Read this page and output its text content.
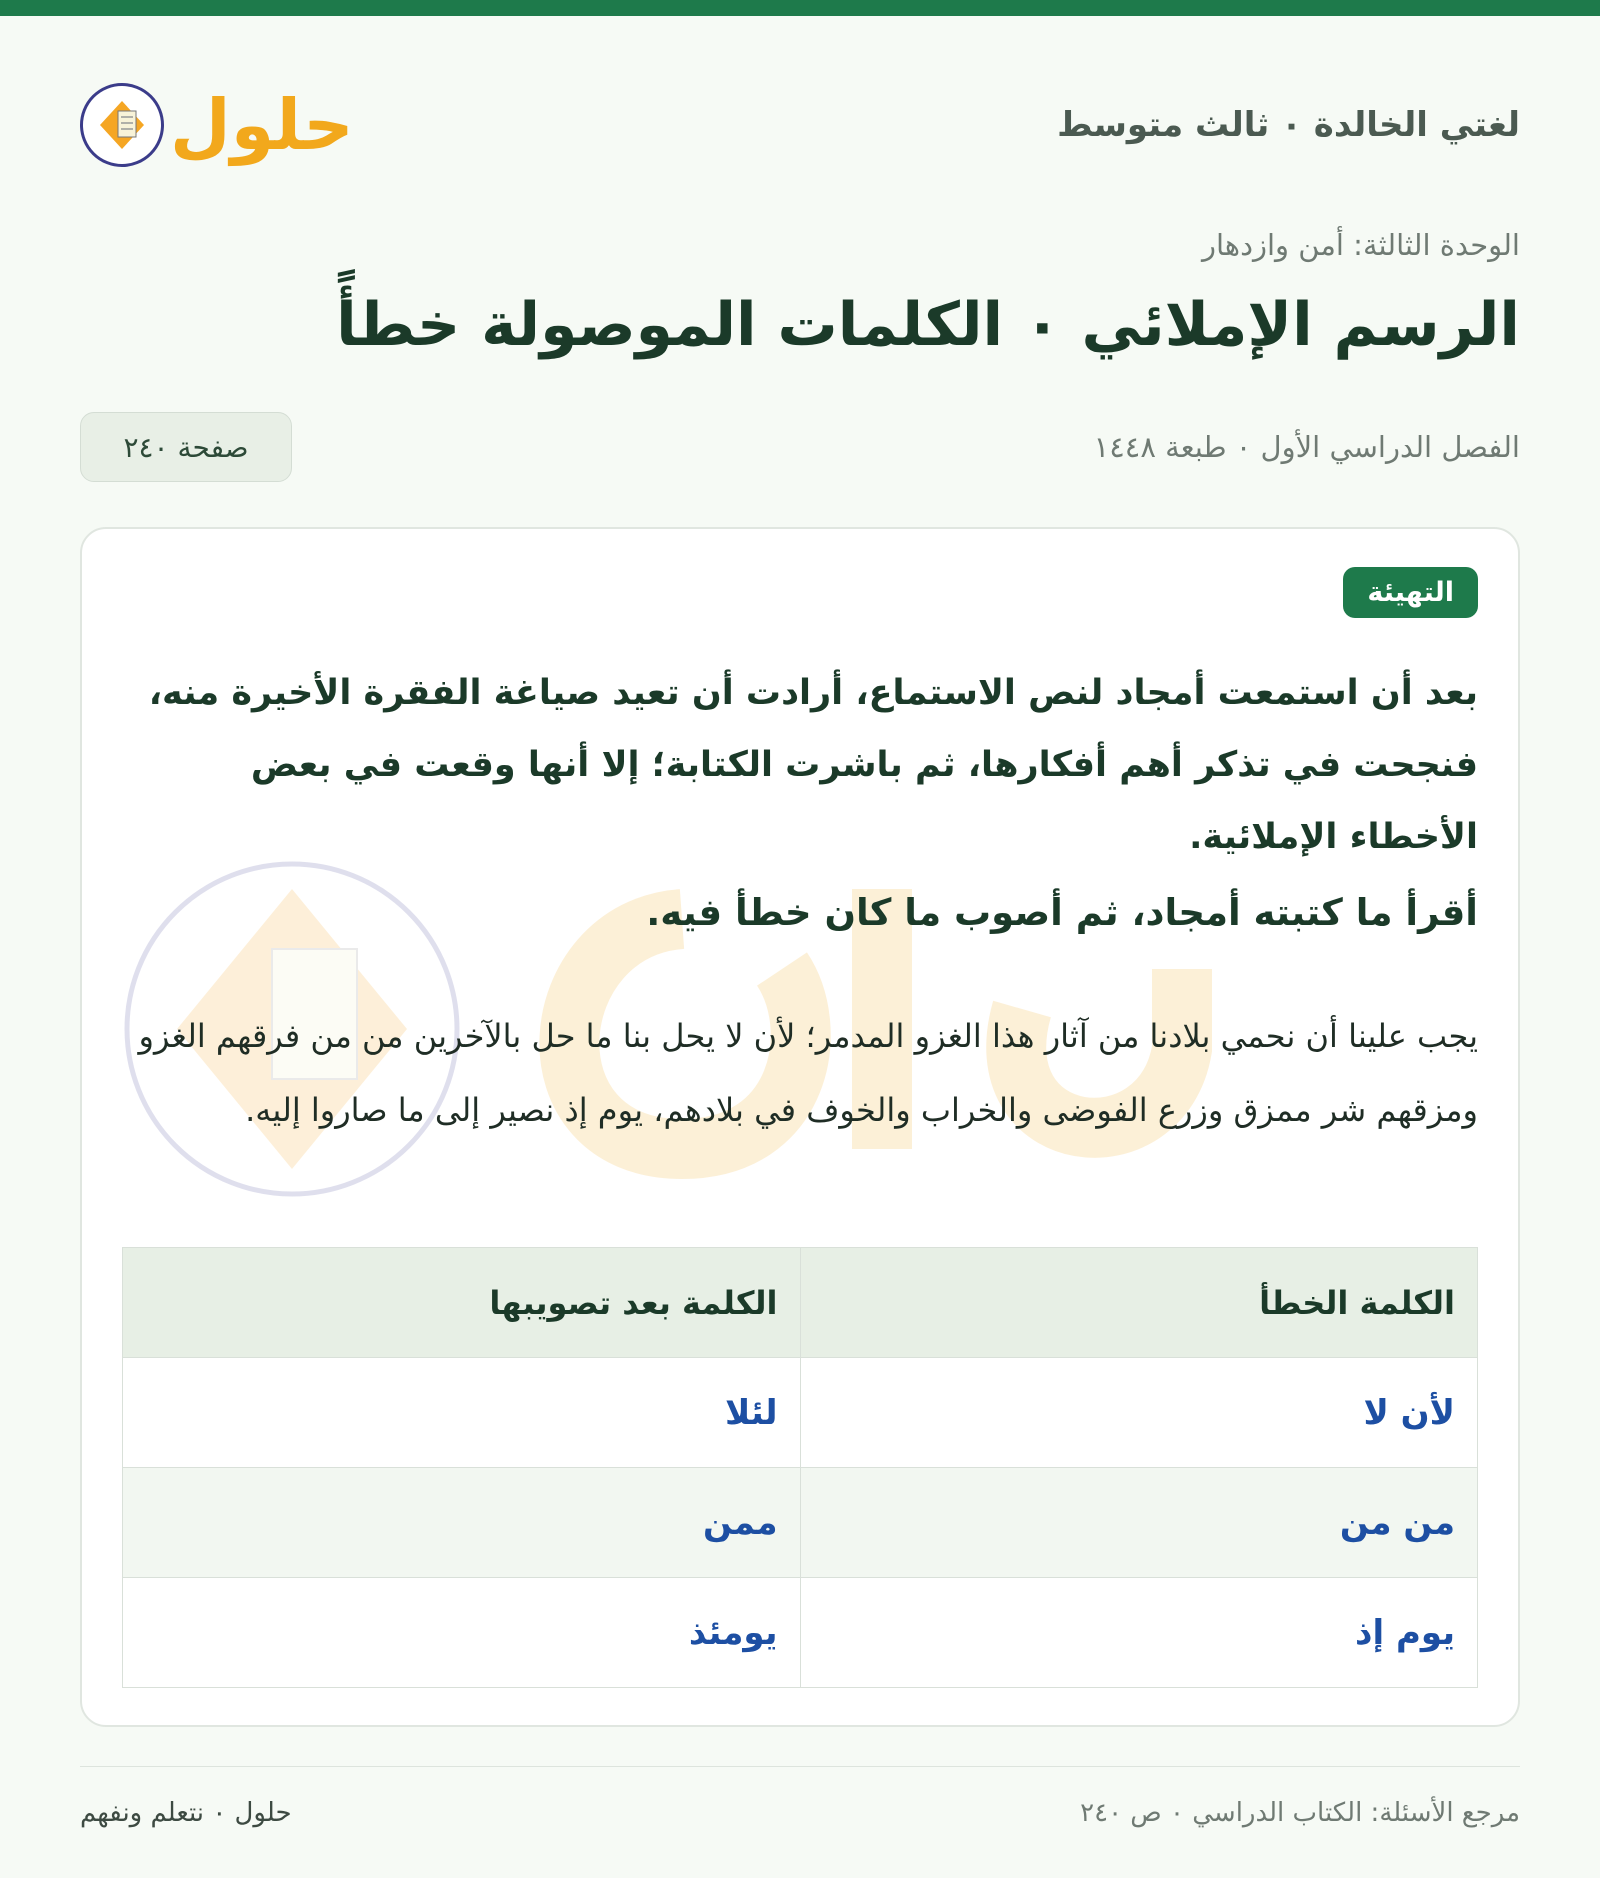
لغتي الخالدة ٠ ثالث متوسط
حلول
الوحدة الثالثة: أمن وازدهار
الرسم الإملائي ٠ الكلمات الموصولة خطأً
الفصل الدراسي الأول ٠ طبعة ١٤٤٨
صفحة ٢٤٠
التهيئة

بعد أن استمعت أمجاد لنص الاستماع، أرادت أن تعيد صياغة الفقرة الأخيرة منه، فنجحت في تذكر أهم أفكارها، ثم باشرت الكتابة؛ إلا أنها وقعت في بعض الأخطاء الإملائية.

أقرأ ما كتبته أمجاد، ثم أصوب ما كان خطأ فيه.

يجب علينا أن نحمي بلادنا من آثار هذا الغزو المدمر؛ لأن لا يحل بنا ما حل بالآخرين من من فرقهم الغزو ومزقهم شر ممزق وزرع الفوضى والخراب والخوف في بلادهم، يوم إذ نصير إلى ما صاروا إليه.

الكلمة الخطأ	الكلمة بعد تصويبها
لأن لا	لئلا
من من	ممن
يوم إذ	يومئذ
مرجع الأسئلة: الكتاب الدراسي ٠ ص ٢٤٠
حلول ٠ نتعلم ونفهم
